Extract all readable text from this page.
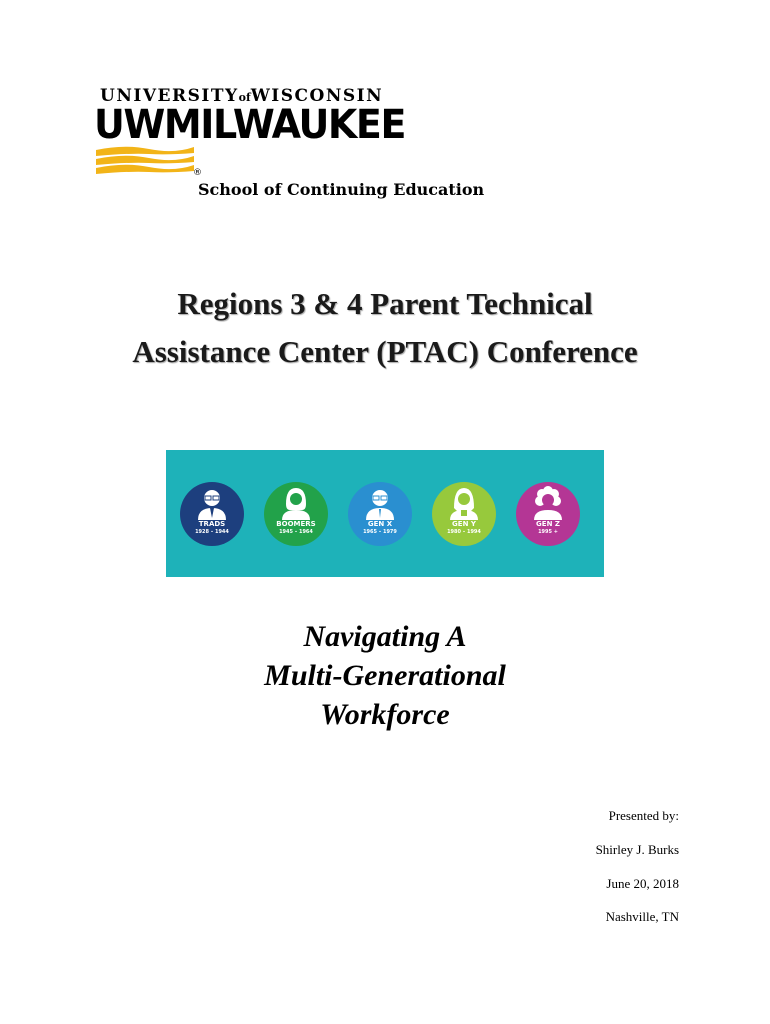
UNIVERSITYofWISCONSIN
UWMILWAUKEE
®
School of Continuing Education
Regions 3 & 4 Parent Technical
Assistance Center (PTAC) Conference
TRADS
1928 – 1944
BOOMERS
1945 – 1964
GEN X
1965 – 1979
GEN Y
1980 – 1994
GEN Z
1995 +
Navigating A
Multi-Generational
Workforce
Presented by:
Shirley J. Burks
June 20, 2018
Nashville, TN
